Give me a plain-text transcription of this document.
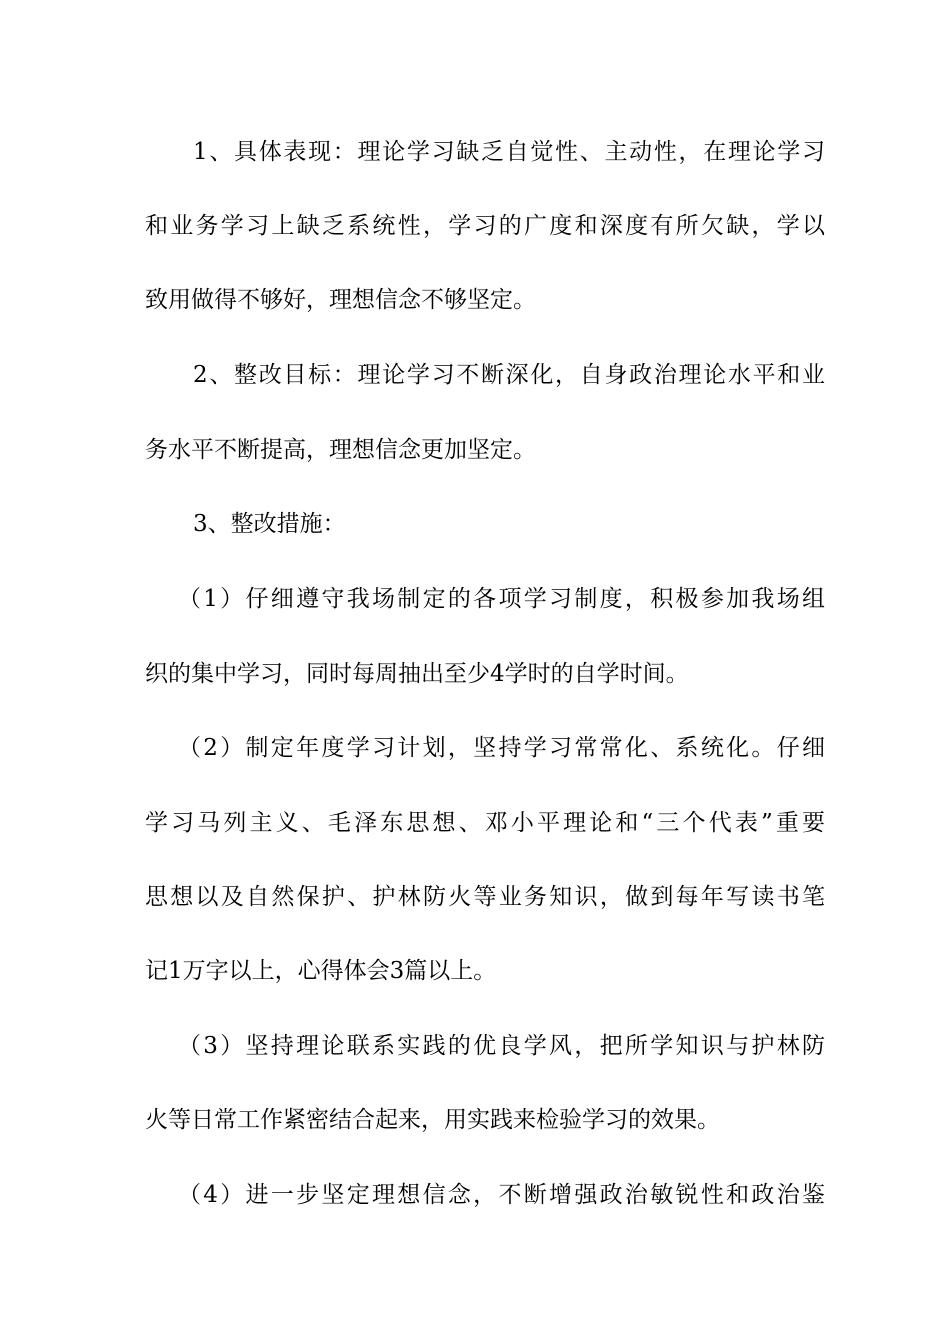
1、具体表现：理论学习缺乏自觉性、主动性，在理论学习

和业务学习上缺乏系统性，学习的广度和深度有所欠缺，学以

致用做得不够好，理想信念不够坚定。

2、整改目标：理论学习不断深化，自身政治理论水平和业

务水平不断提高，理想信念更加坚定。

3、整改措施：

（1）仔细遵守我场制定的各项学习制度，积极参加我场组

织的集中学习，同时每周抽出至少4学时的自学时间。

（2）制定年度学习计划，坚持学习常常化、系统化。仔细

学习马列主义、毛泽东思想、邓小平理论和“三个代表”重要

思想以及自然保护、护林防火等业务知识，做到每年写读书笔

记1万字以上，心得体会3篇以上。

（3）坚持理论联系实践的优良学风，把所学知识与护林防

火等日常工作紧密结合起来，用实践来检验学习的效果。

（4）进一步坚定理想信念，不断增强政治敏锐性和政治鉴
